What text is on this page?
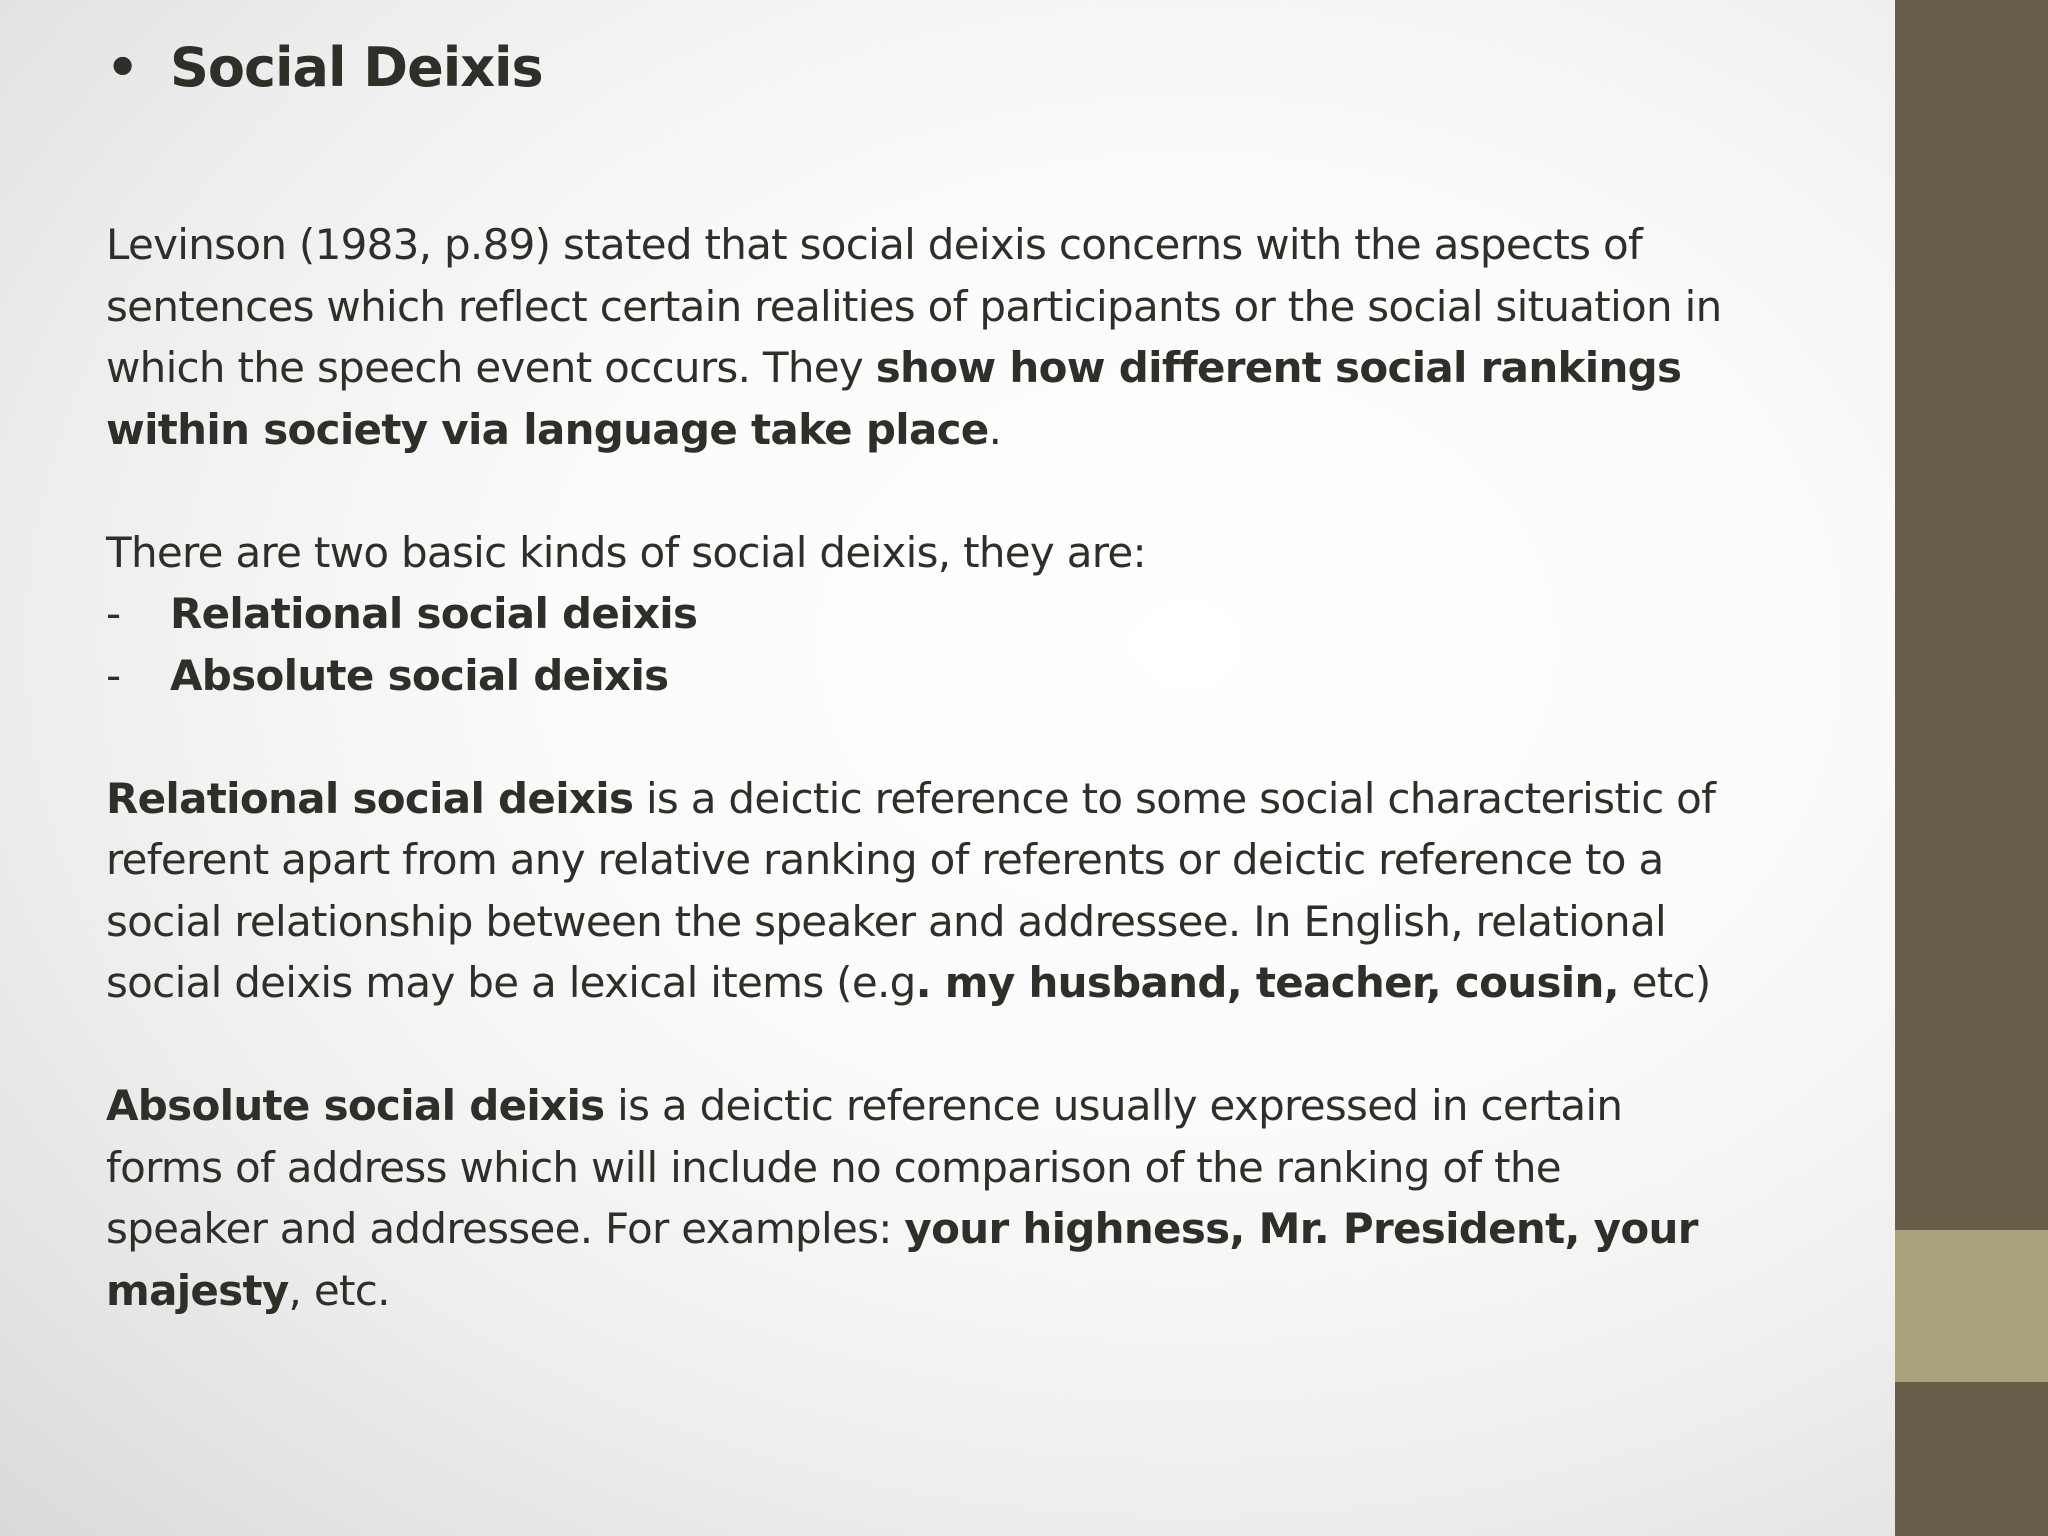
• Social Deixis

Levinson (1983, p.89) stated that social deixis concerns with the aspects of sentences which reflect certain realities of participants or the social situation in which the speech event occurs. They show how different social rankings within society via language take place.

There are two basic kinds of social deixis, they are:

- Relational social deixis
- Absolute social deixis

Relational social deixis is a deictic reference to some social characteristic of referent apart from any relative ranking of referents or deictic reference to a social relationship between the speaker and addressee. In English, relational social deixis may be a lexical items (e.g. my husband, teacher, cousin, etc)

Absolute social deixis is a deictic reference usually expressed in certain forms of address which will include no comparison of the ranking of the speaker and addressee. For examples: your highness, Mr. President, your majesty, etc.
